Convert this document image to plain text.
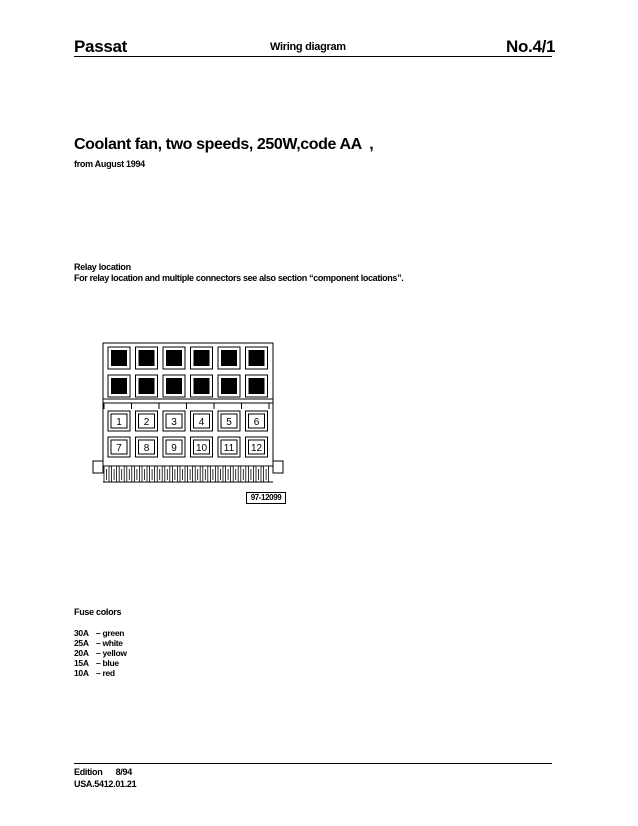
Passat	Wiring diagram	No.4/1
Coolant fan, two speeds, 250W,code AA  ,
from August 1994
Relay location
For relay location and multiple connectors see also section “component locations”.
1 2 3 4 5 6
7 8 9 10 11 12
97-12099
Fuse colors
30A – green
25A – white
20A – yellow
15A – blue
10A – red
Edition      8/94
USA.5412.01.21
